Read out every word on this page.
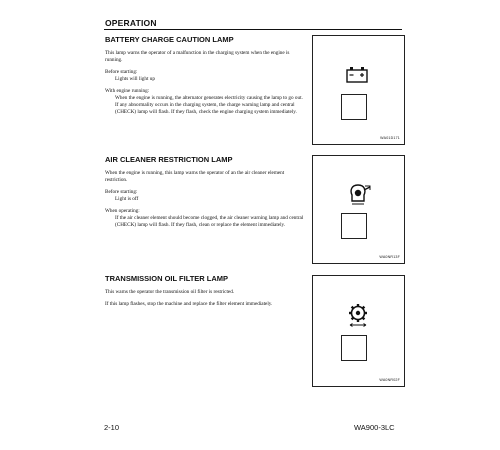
OPERATION
BATTERY CHARGE CAUTION LAMP
This lamp warns the operator of a malfunction in the charging system when the engine is running.
Before starting:
Lights will light up
With engine running:
When the engine is running, the alternator generates electricity causing the lamp to go out. If any abnormality occurs in the charging system, the charge warning lamp and central (CHECK) lamp will flash. If they flash, check the engine charging system immediately.
WA01D171
AIR CLEANER RESTRICTION LAMP
When the engine is running, this lamp warns the operator of an the air cleaner element restriction.
Before starting:
Light is off
When operating:
If the air cleaner element should become clogged, the air cleaner warning lamp and central (CHECK) lamp will flash. If they flash, clean or replace the element immediately.
WA0NR13F
TRANSMISSION OIL FILTER LAMP
This warns the operator the transmission oil filter is restricted.
If this lamp flashes, stop the machine and replace the filter element immediately.
WA0NR02F
2-10	WA900-3LC
